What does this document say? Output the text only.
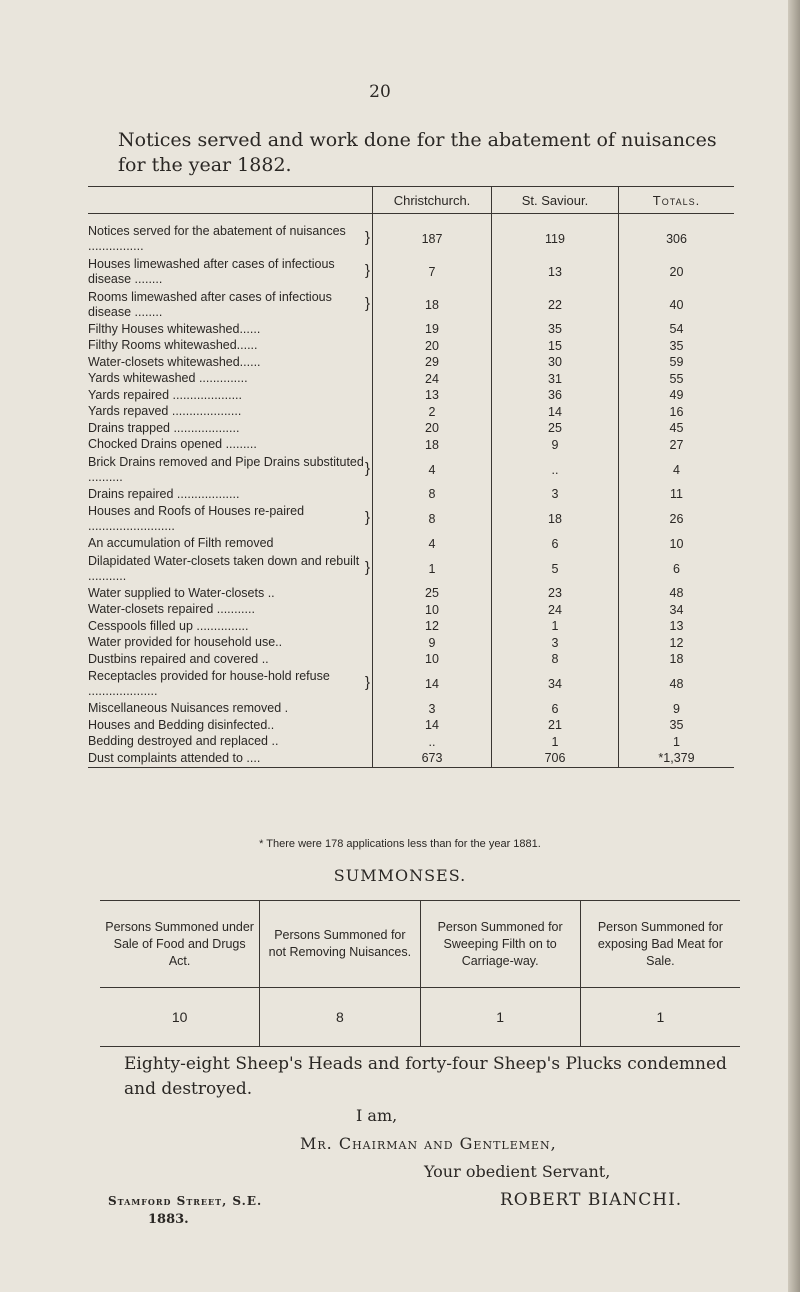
20
Notices served and work done for the abatement of nuisances for the year 1882.
	Christchurch.	St. Saviour.	Totals.

}
Notices served for the abatement of nuisances ................	187	119	306

}
Houses limewashed after cases of infectious disease ........	7	13	20

}
Rooms limewashed after cases of infectious disease ........	18	22	40
Filthy Houses whitewashed......	19	35	54
Filthy Rooms whitewashed......	20	15	35
Water-closets whitewashed......	29	30	59
Yards whitewashed ..............	24	31	55
Yards repaired ....................	13	36	49
Yards repaved ....................	2	14	16
Drains trapped ...................	20	25	45
Chocked Drains opened .........	18	9	27

}
Brick Drains removed and Pipe Drains substituted ..........	4	..	4
Drains repaired ..................	8	3	11

}
Houses and Roofs of Houses re-paired .........................	8	18	26
An accumulation of Filth removed	4	6	10

}
Dilapidated Water-closets taken down and rebuilt ...........	1	5	6
Water supplied to Water-closets ..	25	23	48
Water-closets repaired ...........	10	24	34
Cesspools filled up ...............	12	1	13
Water provided for household use..	9	3	12
Dustbins repaired and covered ..	10	8	18

}
Receptacles provided for house-hold refuse ....................	14	34	48
Miscellaneous Nuisances removed .	3	6	9
Houses and Bedding disinfected..	14	21	35
Bedding destroyed and replaced ..	..	1	1
Dust complaints attended to ....	673	706	*1,379
* There were 178 applications less than for the year 1881.
SUMMONSES.
Persons Summoned under Sale of Food and Drugs Act.	Persons Summoned for not Removing Nuisances.	Person Summoned for Sweeping Filth on to Carriage-way.	Person Summoned for exposing Bad Meat for Sale.
10	8	1	1
Eighty-eight Sheep's Heads and forty-four Sheep's Plucks condemned and destroyed.
I am,
Mr. Chairman and Gentlemen,
Your obedient Servant,
Stamford Street, S.E.
1883.
ROBERT BIANCHI.
